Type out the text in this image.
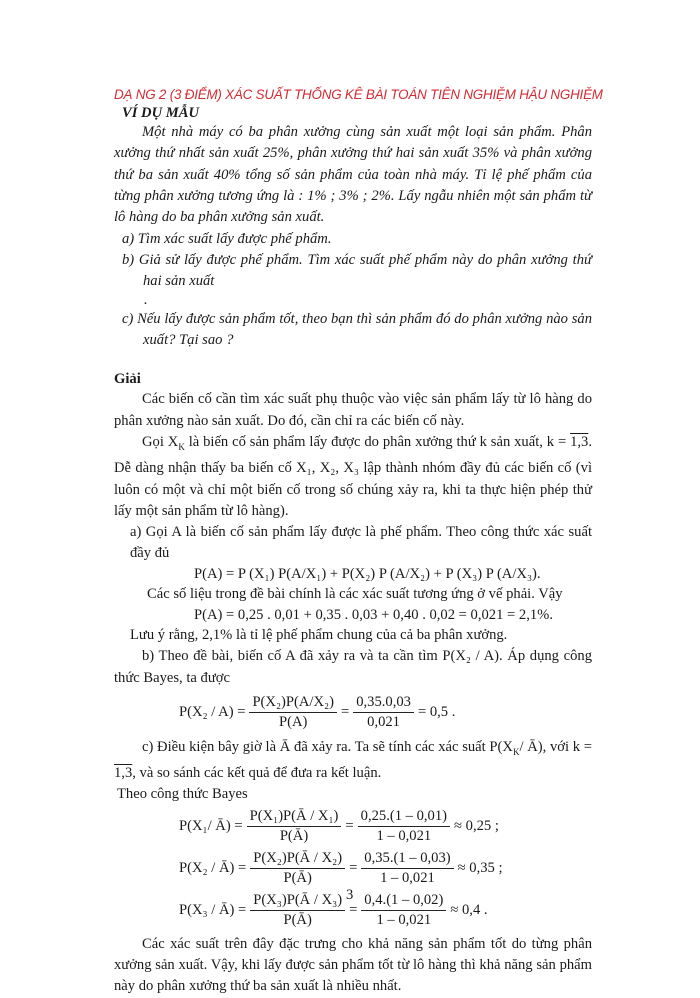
DẠ NG 2 (3 ĐIỂM) XÁC SUẤT THỐNG KÊ BÀI TOÁN TIÊN NGHIỆM HẬU NGHIỆM
VÍ DỤ MẪU

Một nhà máy có ba phân xưởng cùng sản xuất một loại sản phẩm. Phân xưởng thứ nhất sản xuất 25%, phân xưởng thứ hai sản xuất 35% và phân xưởng thứ ba sản xuất 40% tổng số sản phẩm của toàn nhà máy. Tỉ lệ phế phẩm của từng phân xưởng tương ứng là : 1% ; 3% ; 2%. Lấy ngẫu nhiên một sản phẩm từ lô hàng do ba phân xưởng sản xuất.

a) Tìm xác suất lấy được phế phẩm.

b) Giả sử lấy được phế phẩm. Tìm xác suất phế phẩm này do phân xưởng thứ hai sản xuất

.

c) Nếu lấy được sản phẩm tốt, theo bạn thì sản phẩm đó do phân xưởng nào sản xuất? Tại sao ?

Giải

Các biến cố cần tìm xác suất phụ thuộc vào việc sản phẩm lấy từ lô hàng do phân xưởng nào sản xuất. Do đó, cần chỉ ra các biến cố này.

Gọi $X_K$ là biến cố sản phẩm lấy được do phân xưởng thứ k sản xuất, k = 1,3. Dễ dàng nhận thấy ba biến cố X₁, X₂, X₃ lập thành nhóm đầy đủ các biến cố (vì luôn có một và chỉ một biến cố trong số chúng xảy ra, khi ta thực hiện phép thử lấy một sản phẩm từ lô hàng).

a) Gọi A là biến cố sản phẩm lấy được là phế phẩm. Theo công thức xác suất đầy đủ

P(A) = P (X₁) P(A/X₁) + P(X₂) P (A/X₂) + P (X₃) P (A/X₃).

Các số liệu trong đề bài chính là các xác suất tương ứng ở vế phải. Vậy

P(A) = 0,25 . 0,01 + 0,35 . 0,03 + 0,40 . 0,02 = 0,021 = 2,1%.

Lưu ý rằng, 2,1% là tỉ lệ phế phẩm chung của cả ba phân xưởng.

b) Theo đề bài, biến cố A đã xảy ra và ta cần tìm P(X₂ / A). Áp dụng công thức Bayes, ta được

$P(X_2 / A) = \frac{\text{P(X₂)P(A/X₂)}}{P(A)} = \frac{0,35.0,03}{0,021} = 0,5$ .

c) Điều kiện bây giờ là Ā đã xảy ra. Ta sẽ tính các xác suất $P(X_K/$ Ā), với k = 1,3, và so sánh các kết quả để đưa ra kết luận.

Theo công thức Bayes

P(X₁/ Ā) = $\frac{\text{P(X₁)P(Ā / X₁)}}{P(Ā)} = \frac{0,25.(1 - 0,01)}{1 - 0,021} \approx 0,25$ ;
P(X₂ / Ā) = $\frac{\text{P(X₂)P(Ā / X₂)}}{P(Ā)} = \frac{0,35.(1 - 0,03)}{1 - 0,021} \approx 0,35$ ;
P(X₃ / Ā) = $\frac{\text{P(X₃)P(Ā / X₃)}}{P(Ā)} = \frac{0,4.(1 - 0,02)}{1 - 0,021} \approx 0,4$ .

Các xác suất trên đây đặc trưng cho khả năng sản phẩm tốt do từng phân xưởng sản xuất. Vậy, khi lấy được sản phẩm tốt từ lô hàng thì khả năng sản phẩm này do phân xưởng thứ ba sản xuất là nhiều nhất.

3
